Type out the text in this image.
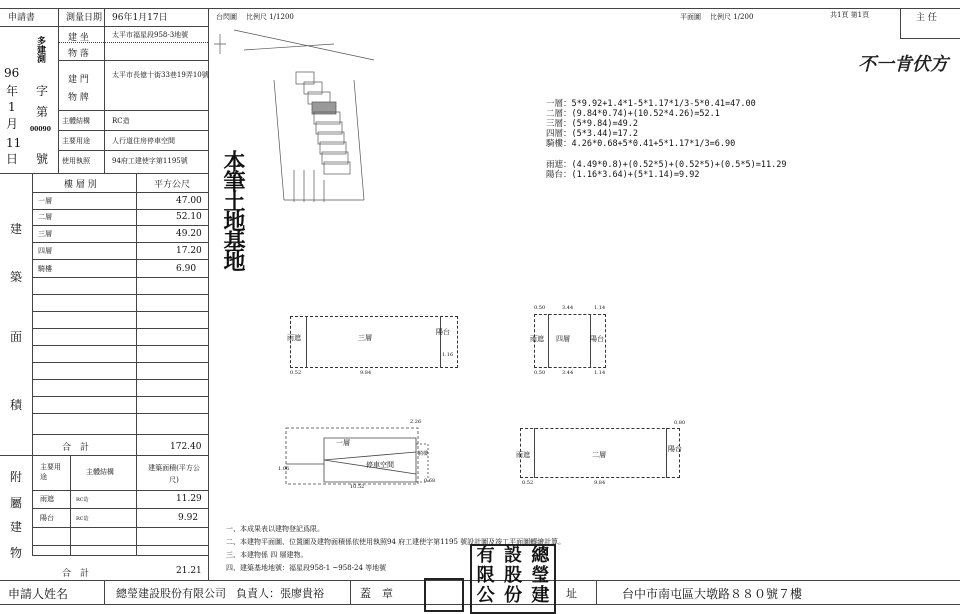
申請書	測量日期 96年1月17日	台閃圖 比例尺 1/1200	平面圖 比例尺 1/200	共1頁 第1頁	主 任
96
年 字
1 第
月
11
日 號
多建測
00090
建 坐
物 落
太平市福星段958-3地號
建 門
物 牌
太平市長億十街33巷19弄10號
主體結構	RC造
主要用途	人行道住房停車空間
使用執照	94府工建使字第1195號
建
築
面
積
樓 層 別	平方公尺
一層	47.00
二層	52.10
三層	49.20
四層	17.20
騎樓	6.90
合　計	172.40
附
屬
建
物
主要用途
主體結構	建築面積(平方公尺)
雨遮	RC造	11.29
陽台	RC造	9.92
合　計	21.21
本筆土地基地
不一肯伏方
一層：5*9.92+1.4*1-5*1.17*1/3-5*0.41=47.00
二層：(9.84*0.74)+(10.52*4.26)=52.1
三層：(5*9.84)=49.2
四層：(5*3.44)=17.2
騎樓：4.26*0.68+5*0.41+5*1.17*1/3=6.90
雨遮：(4.49*0.8)+(0.52*5)+(0.52*5)+(0.5*5)=11.29
陽台：(1.16*3.64)+(5*1.14)=9.92
雨遮	三層
陽台
9.84
0.52
1.16
雨遮 四層	陽台
0.50	3.44	1.14
0.50	3.44	1.14
一層
停車空間
騎樓
2.26
1.06
10.52
0.68
雨遮	二層
陽台
0.80
9.84
0.52
一、本成果表以建物登記爲限。
二、本建物平面圖、位置圖及建物面積係依使用執照94 府工建使字第1195 號設計圖及竣工平面圖轉繪計算。
三、本建物係 四 層建物。
四、建築基地地號：福星段958-1 ~958-24 等地號
有 設 總
限 股 瑩
公 份 建
申請人姓名	總瑩建設股份有限公司 負責人：張廖貴裕	蓋　章	址	台中市南屯區大墩路８８０號７樓
